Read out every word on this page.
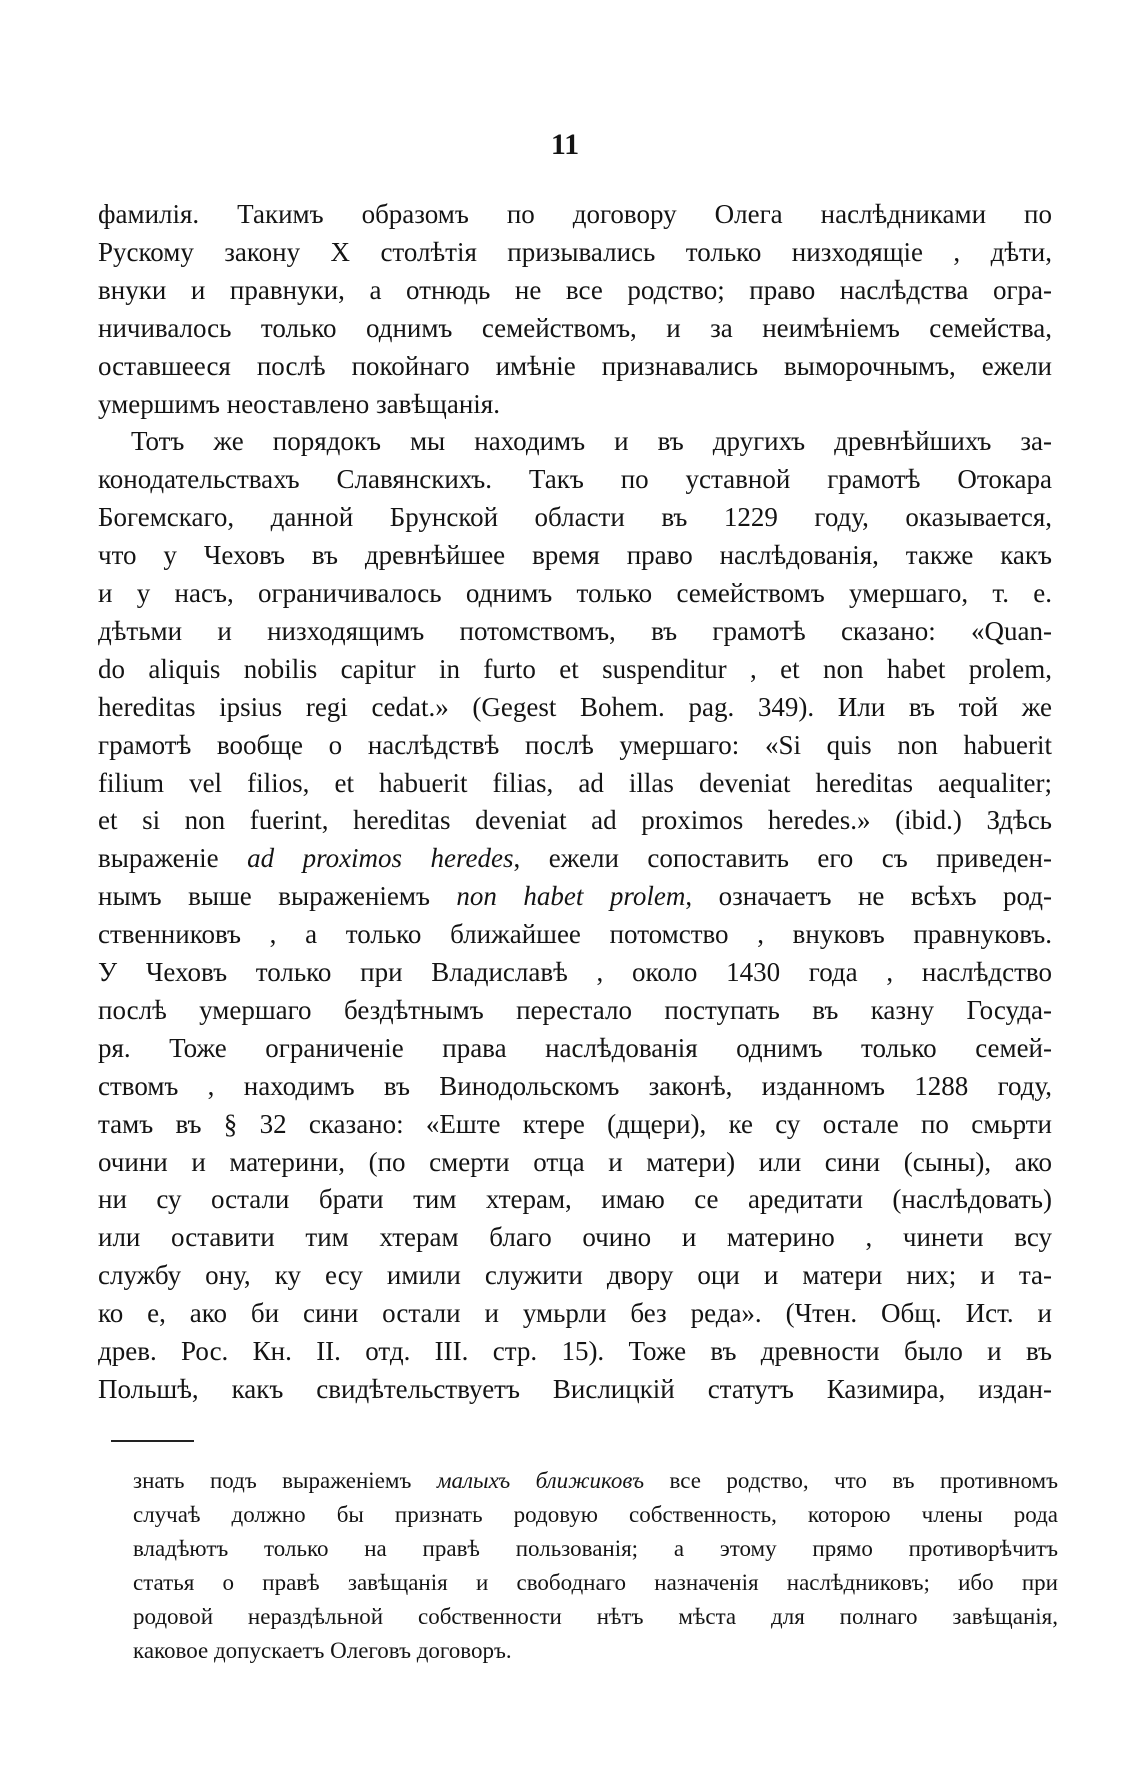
11
фамилія. Такимъ образомъ по договору Олега наслѣдниками по
Рускому закону X столѣтія призывались только низходящіе , дѣти,
внуки и правнуки, а отнюдь не все родство; право наслѣдства огра-
ничивалось только однимъ семействомъ, и за неимѣніемъ семейства,
оставшееся послѣ покойнаго имѣніе признавались выморочнымъ, ежели
умершимъ неоставлено завѣщанія.
Тотъ же порядокъ мы находимъ и въ другихъ древнѣйшихъ за-
конодательствахъ Славянскихъ. Такъ по уставной грамотѣ Отокара
Богемскаго, данной Брунской области въ 1229 году, оказывается,
что у Чеховъ въ древнѣйшее время право наслѣдованія, также какъ
и у насъ, ограничивалось однимъ только семействомъ умершаго, т. е.
дѣтьми и низходящимъ потомствомъ, въ грамотѣ сказано: «Quan-
do aliquis nobilis capitur in furto et suspenditur , et non habet prolem,
hereditas ipsius regi cedat.» (Gegest Bohem. pag. 349). Или въ той же
грамотѣ вообще о наслѣдствѣ послѣ умершаго: «Si quis non habuerit
filium vel filios, et habuerit filias, ad illas deveniat hereditas aequaliter;
et si non fuerint, hereditas deveniat ad proximos heredes.» (ibid.) Здѣсь
выраженіе ad proximos heredes, ежели сопоставить его съ приведен-
нымъ выше выраженіемъ non habet prolem, означаетъ не всѣхъ род-
ственниковъ , а только ближайшее потомство , внуковъ правнуковъ.
У Чеховъ только при Владиславѣ , около 1430 года , наслѣдство
послѣ умершаго бездѣтнымъ перестало поступать въ казну Госуда-
ря. Тоже ограниченіе права наслѣдованія однимъ только семей-
ствомъ , находимъ въ Винодольскомъ законѣ, изданномъ 1288 году,
тамъ въ § 32 сказано: «Еште ктере (дщери), ке су остале по смьрти
очини и материни, (по смерти отца и матери) или сини (сыны), ако
ни су остали брати тим хтерам, имаю се аредитати (наслѣдовать)
или оставити тим хтерам благо очино и материно , чинети всу
службу ону, ку есу имили служити двору оци и матери них; и та-
ко е, ако би сини остали и умьрли без реда». (Чтен. Общ. Ист. и
древ. Рос. Кн. II. отд. III. стр. 15). Тоже въ древности было и въ
Польшѣ, какъ свидѣтельствуетъ Вислицкій статутъ Казимира, издан-
знать подъ выраженіемъ малыхъ ближиковъ все родство, что въ противномъ
случаѣ должно бы признать родовую собственность, которою члены рода
владѣютъ только на правѣ пользованія; а этому прямо противорѣчитъ
статья о правѣ завѣщанія и свободнаго назначенія наслѣдниковъ; ибо при
родовой нераздѣльной собственности нѣтъ мѣста для полнаго завѣщанія,
каковое допускаетъ Олеговъ договоръ.
